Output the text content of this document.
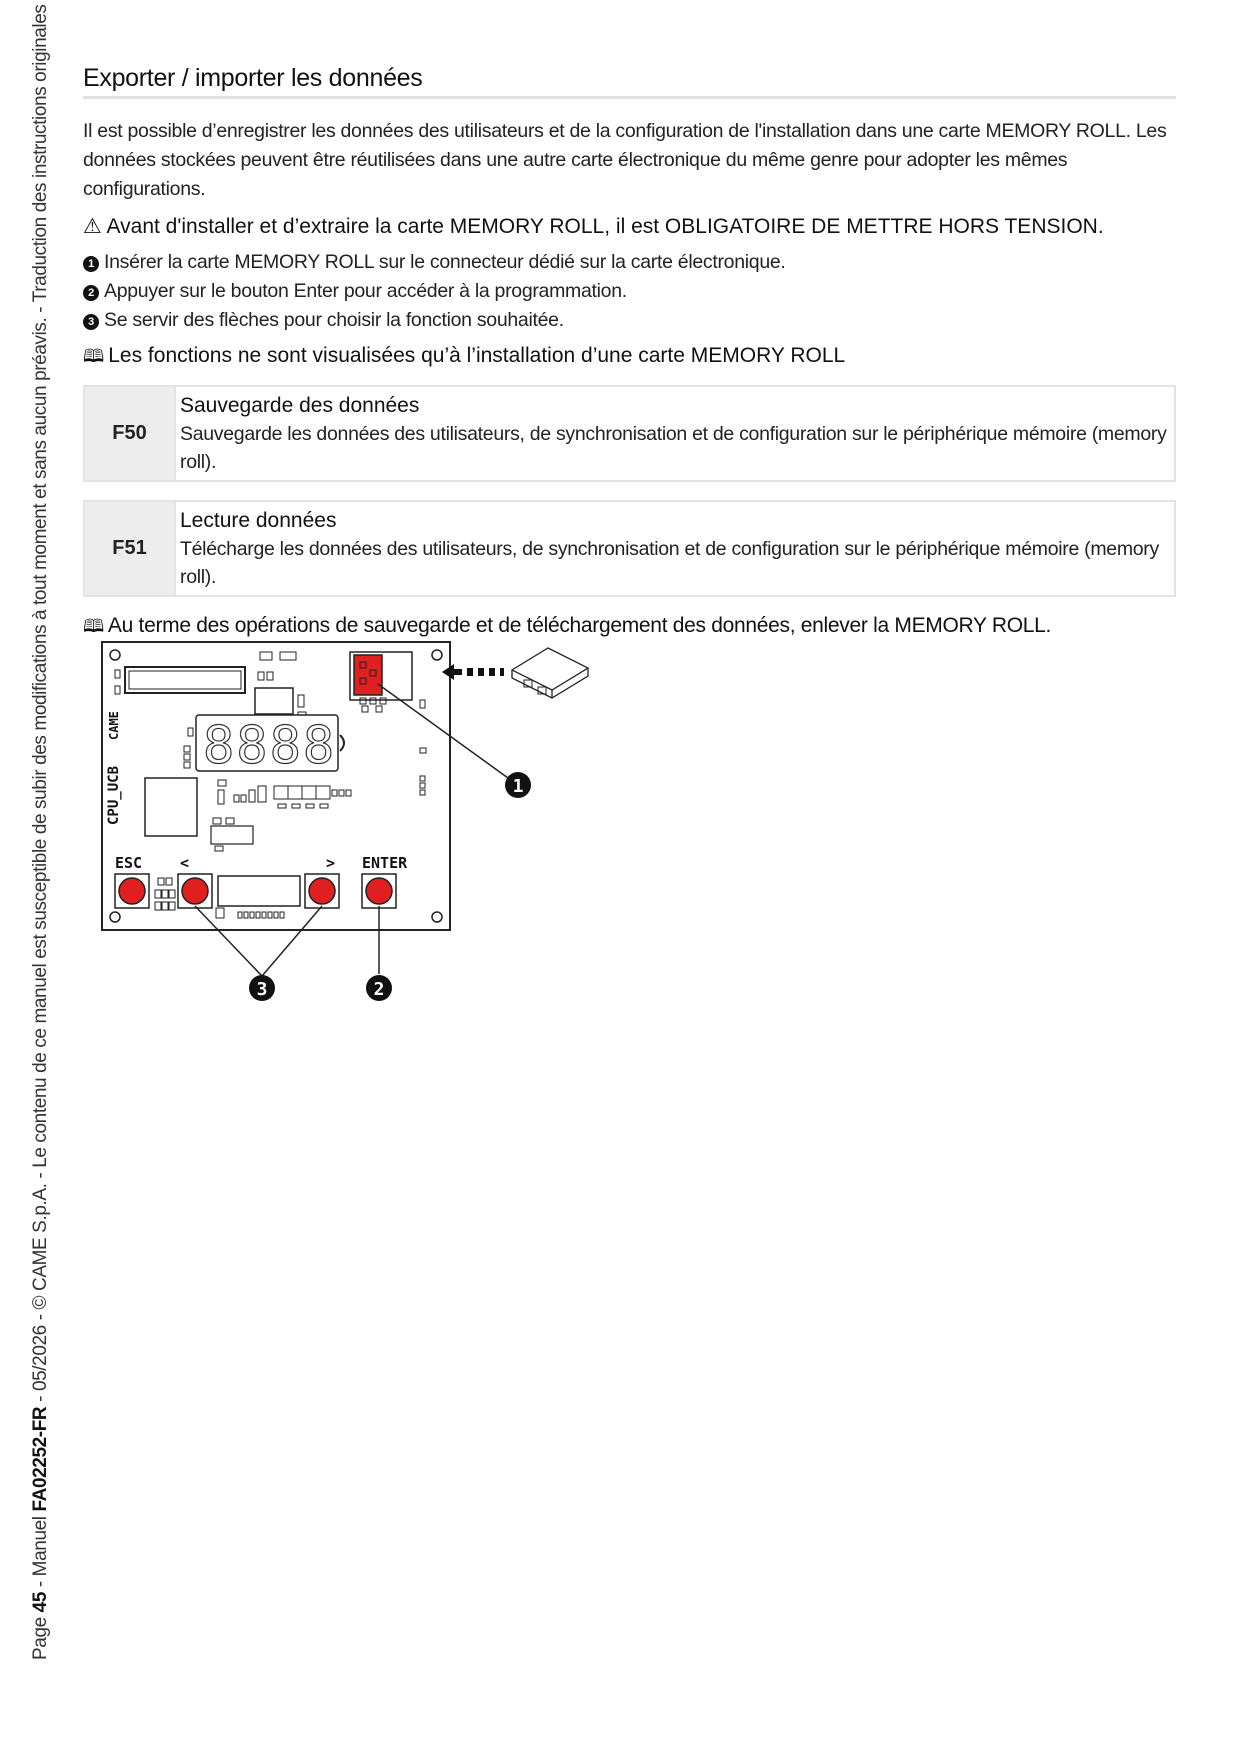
Page 45 - Manuel FA02252-FR - 05/2026 - © CAME S.p.A. - Le contenu de ce manuel est susceptible de subir des modifications à tout moment et sans aucun préavis. - Traduction des instructions originales Exporter / importer les données

Il est possible d’enregistrer les données des utilisateurs et de la configuration de l'installation dans une carte MEMORY ROLL. Les données stockées peuvent être réutilisées dans une autre carte électronique du même genre pour adopter les mêmes configurations.

⚠ Avant d'installer et d’extraire la carte MEMORY ROLL, il est OBLIGATOIRE DE METTRE HORS TENSION.
1 Insérer la carte MEMORY ROLL sur le connecteur dédié sur la carte électronique.
2 Appuyer sur le bouton Enter pour accéder à la programmation.
3 Se servir des flèches pour choisir la fonction souhaitée.
🕮 Les fonctions ne sont visualisées qu’à l’installation d’une carte MEMORY ROLL
F50
Sauvegarde des données
Sauvegarde les données des utilisateurs, de synchronisation et de configuration sur le périphérique mémoire (memory roll).
F51
Lecture données
Télécharge les données des utilisateurs, de synchronisation et de configuration sur le périphérique mémoire (memory roll).
🕮 Au terme des opérations de sauvegarde et de téléchargement des données, enlever la MEMORY ROLL.
8888
CPU_UCB
CAME
ESC	<	> ENTER
1
3	2
